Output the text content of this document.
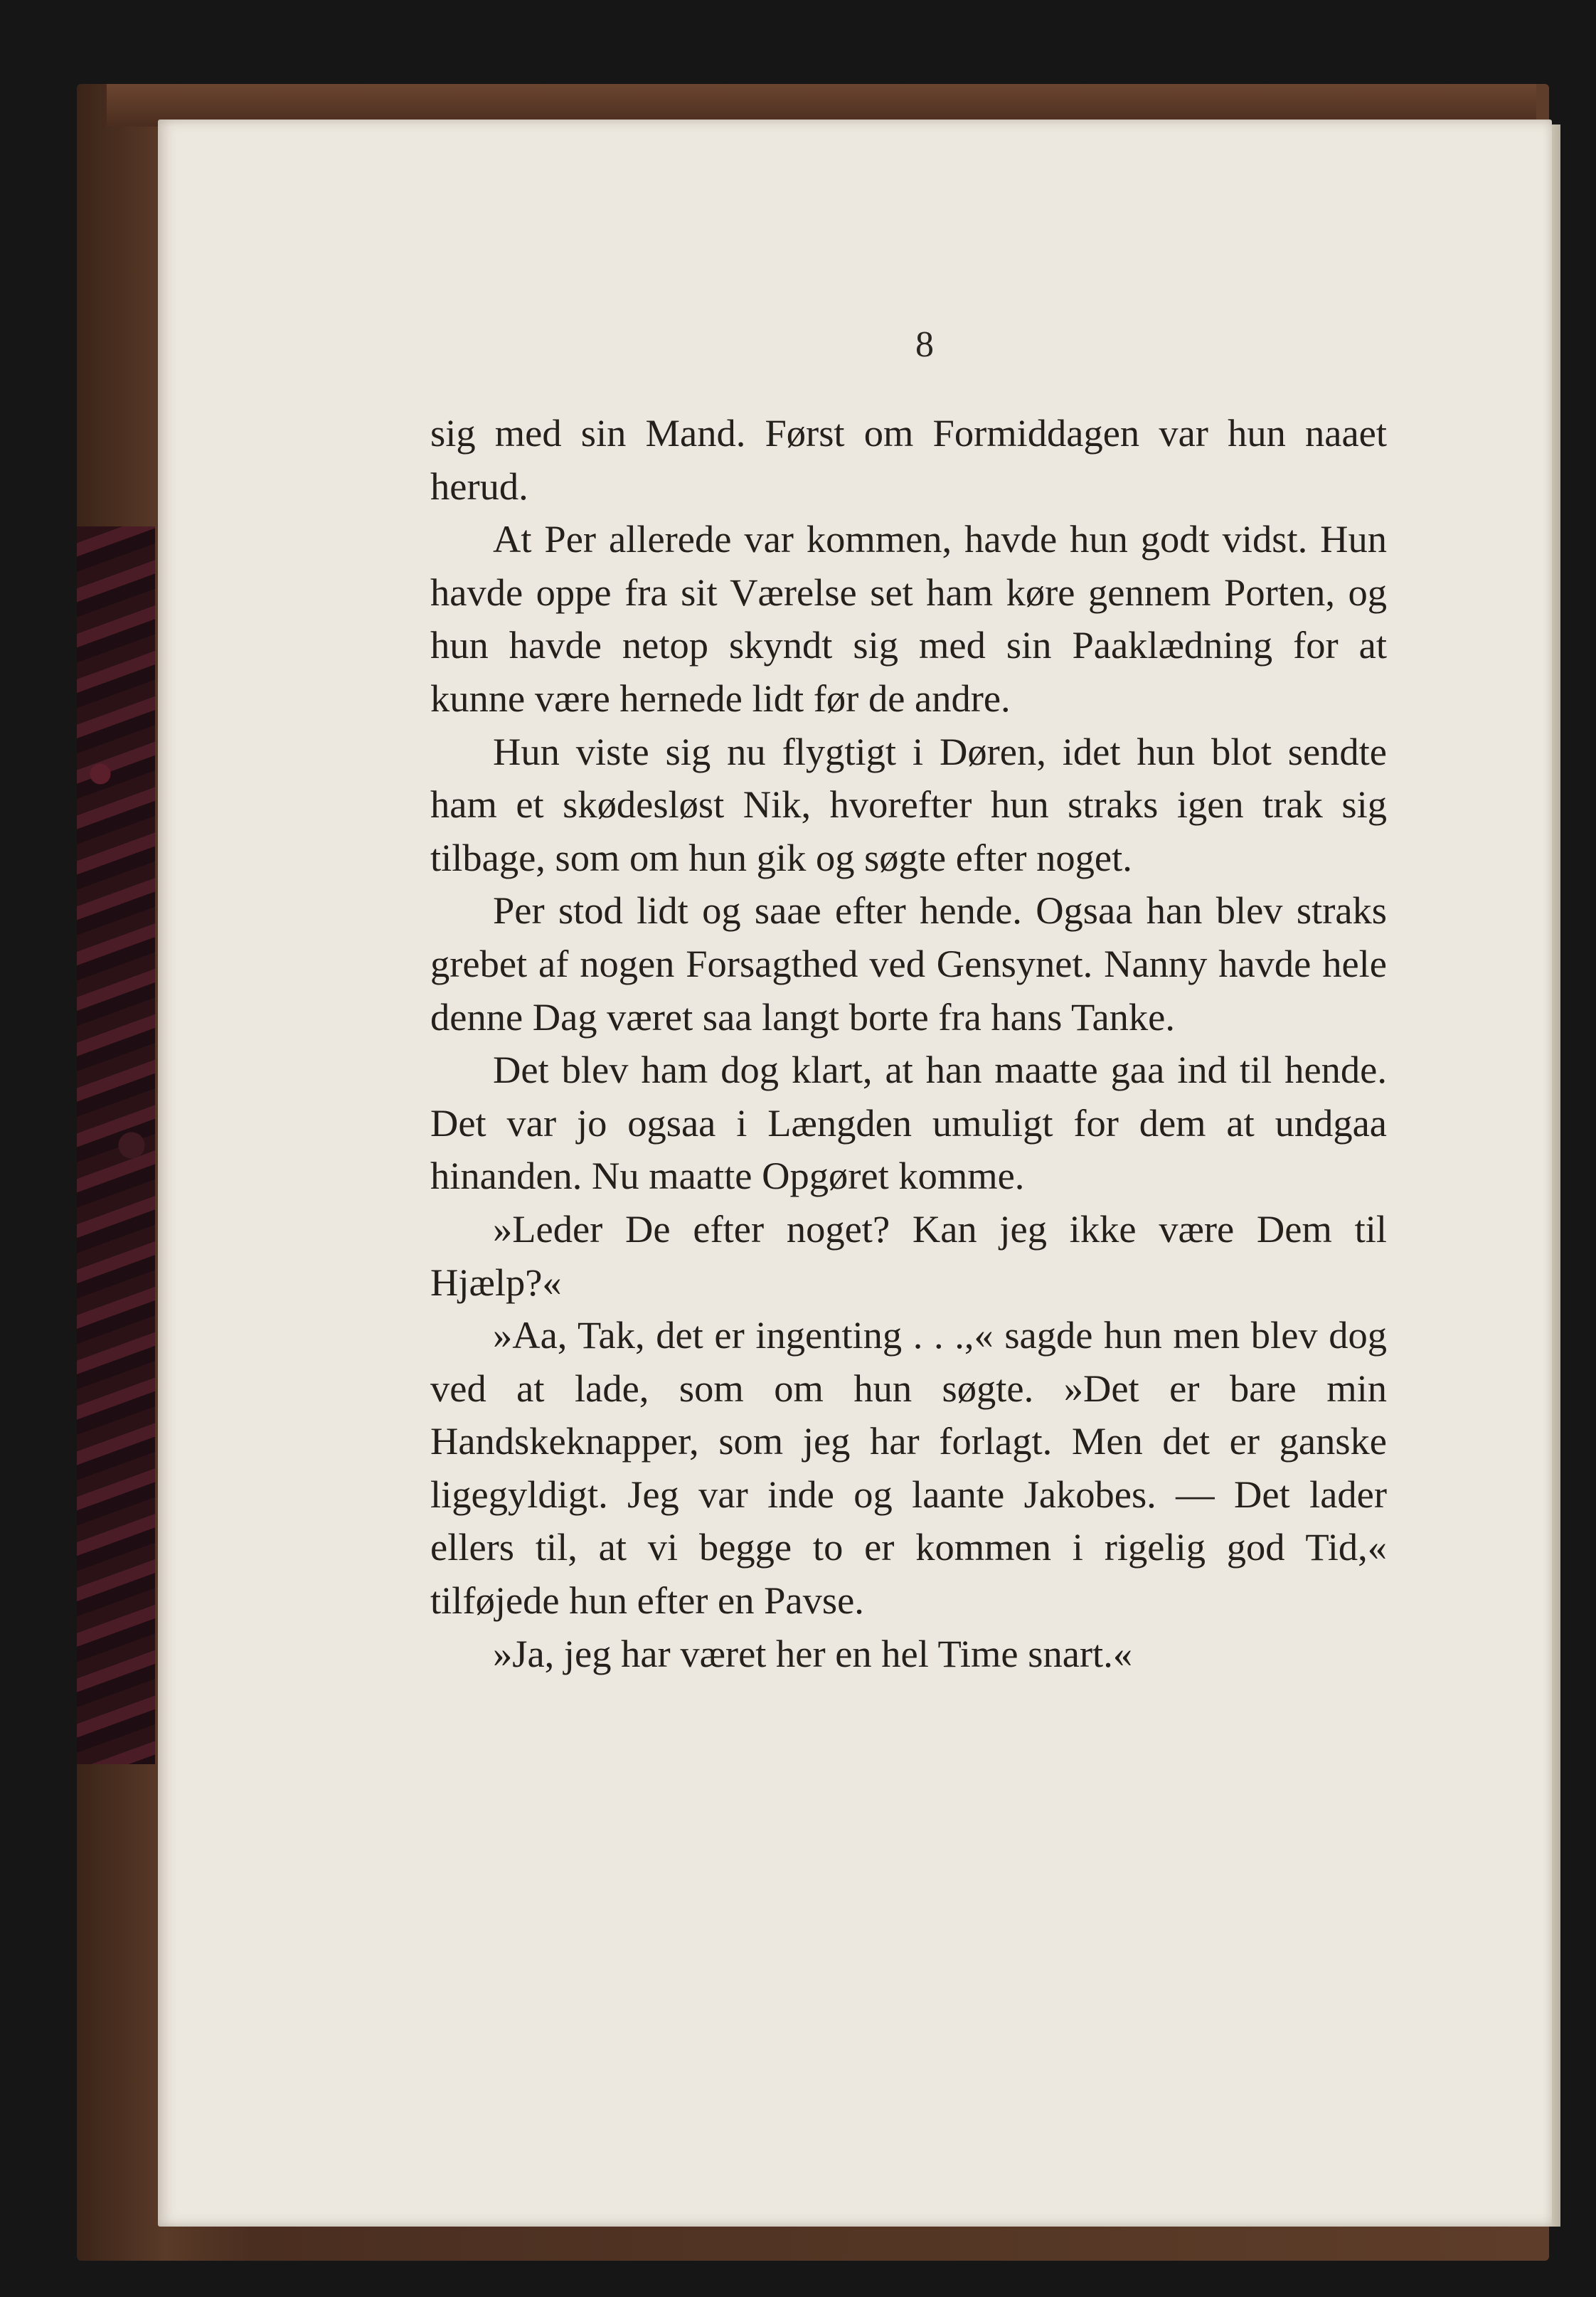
8

sig med sin Mand. Først om Formiddagen var hun naaet herud.

At Per allerede var kommen, havde hun godt vidst. Hun havde oppe fra sit Værelse set ham køre gennem Porten, og hun havde netop skyndt sig med sin Paaklædning for at kunne være hernede lidt før de andre.

Hun viste sig nu flygtigt i Døren, idet hun blot sendte ham et skødesløst Nik, hvorefter hun straks igen trak sig tilbage, som om hun gik og søgte efter noget.

Per stod lidt og saae efter hende. Ogsaa han blev straks grebet af nogen Forsagthed ved Gensynet. Nanny havde hele denne Dag været saa langt borte fra hans Tanke.

Det blev ham dog klart, at han maatte gaa ind til hende. Det var jo ogsaa i Længden umuligt for dem at undgaa hinanden. Nu maatte Opgøret komme.

»Leder De efter noget? Kan jeg ikke være Dem til Hjælp?«

»Aa, Tak, det er ingenting . . .,« sagde hun men blev dog ved at lade, som om hun søgte. »Det er bare min Handskeknapper, som jeg har forlagt. Men det er ganske ligegyldigt. Jeg var inde og laante Jakobes. — Det lader ellers til, at vi begge to er kommen i rigelig god Tid,« tilføjede hun efter en Pavse.

»Ja, jeg har været her en hel Time snart.«
